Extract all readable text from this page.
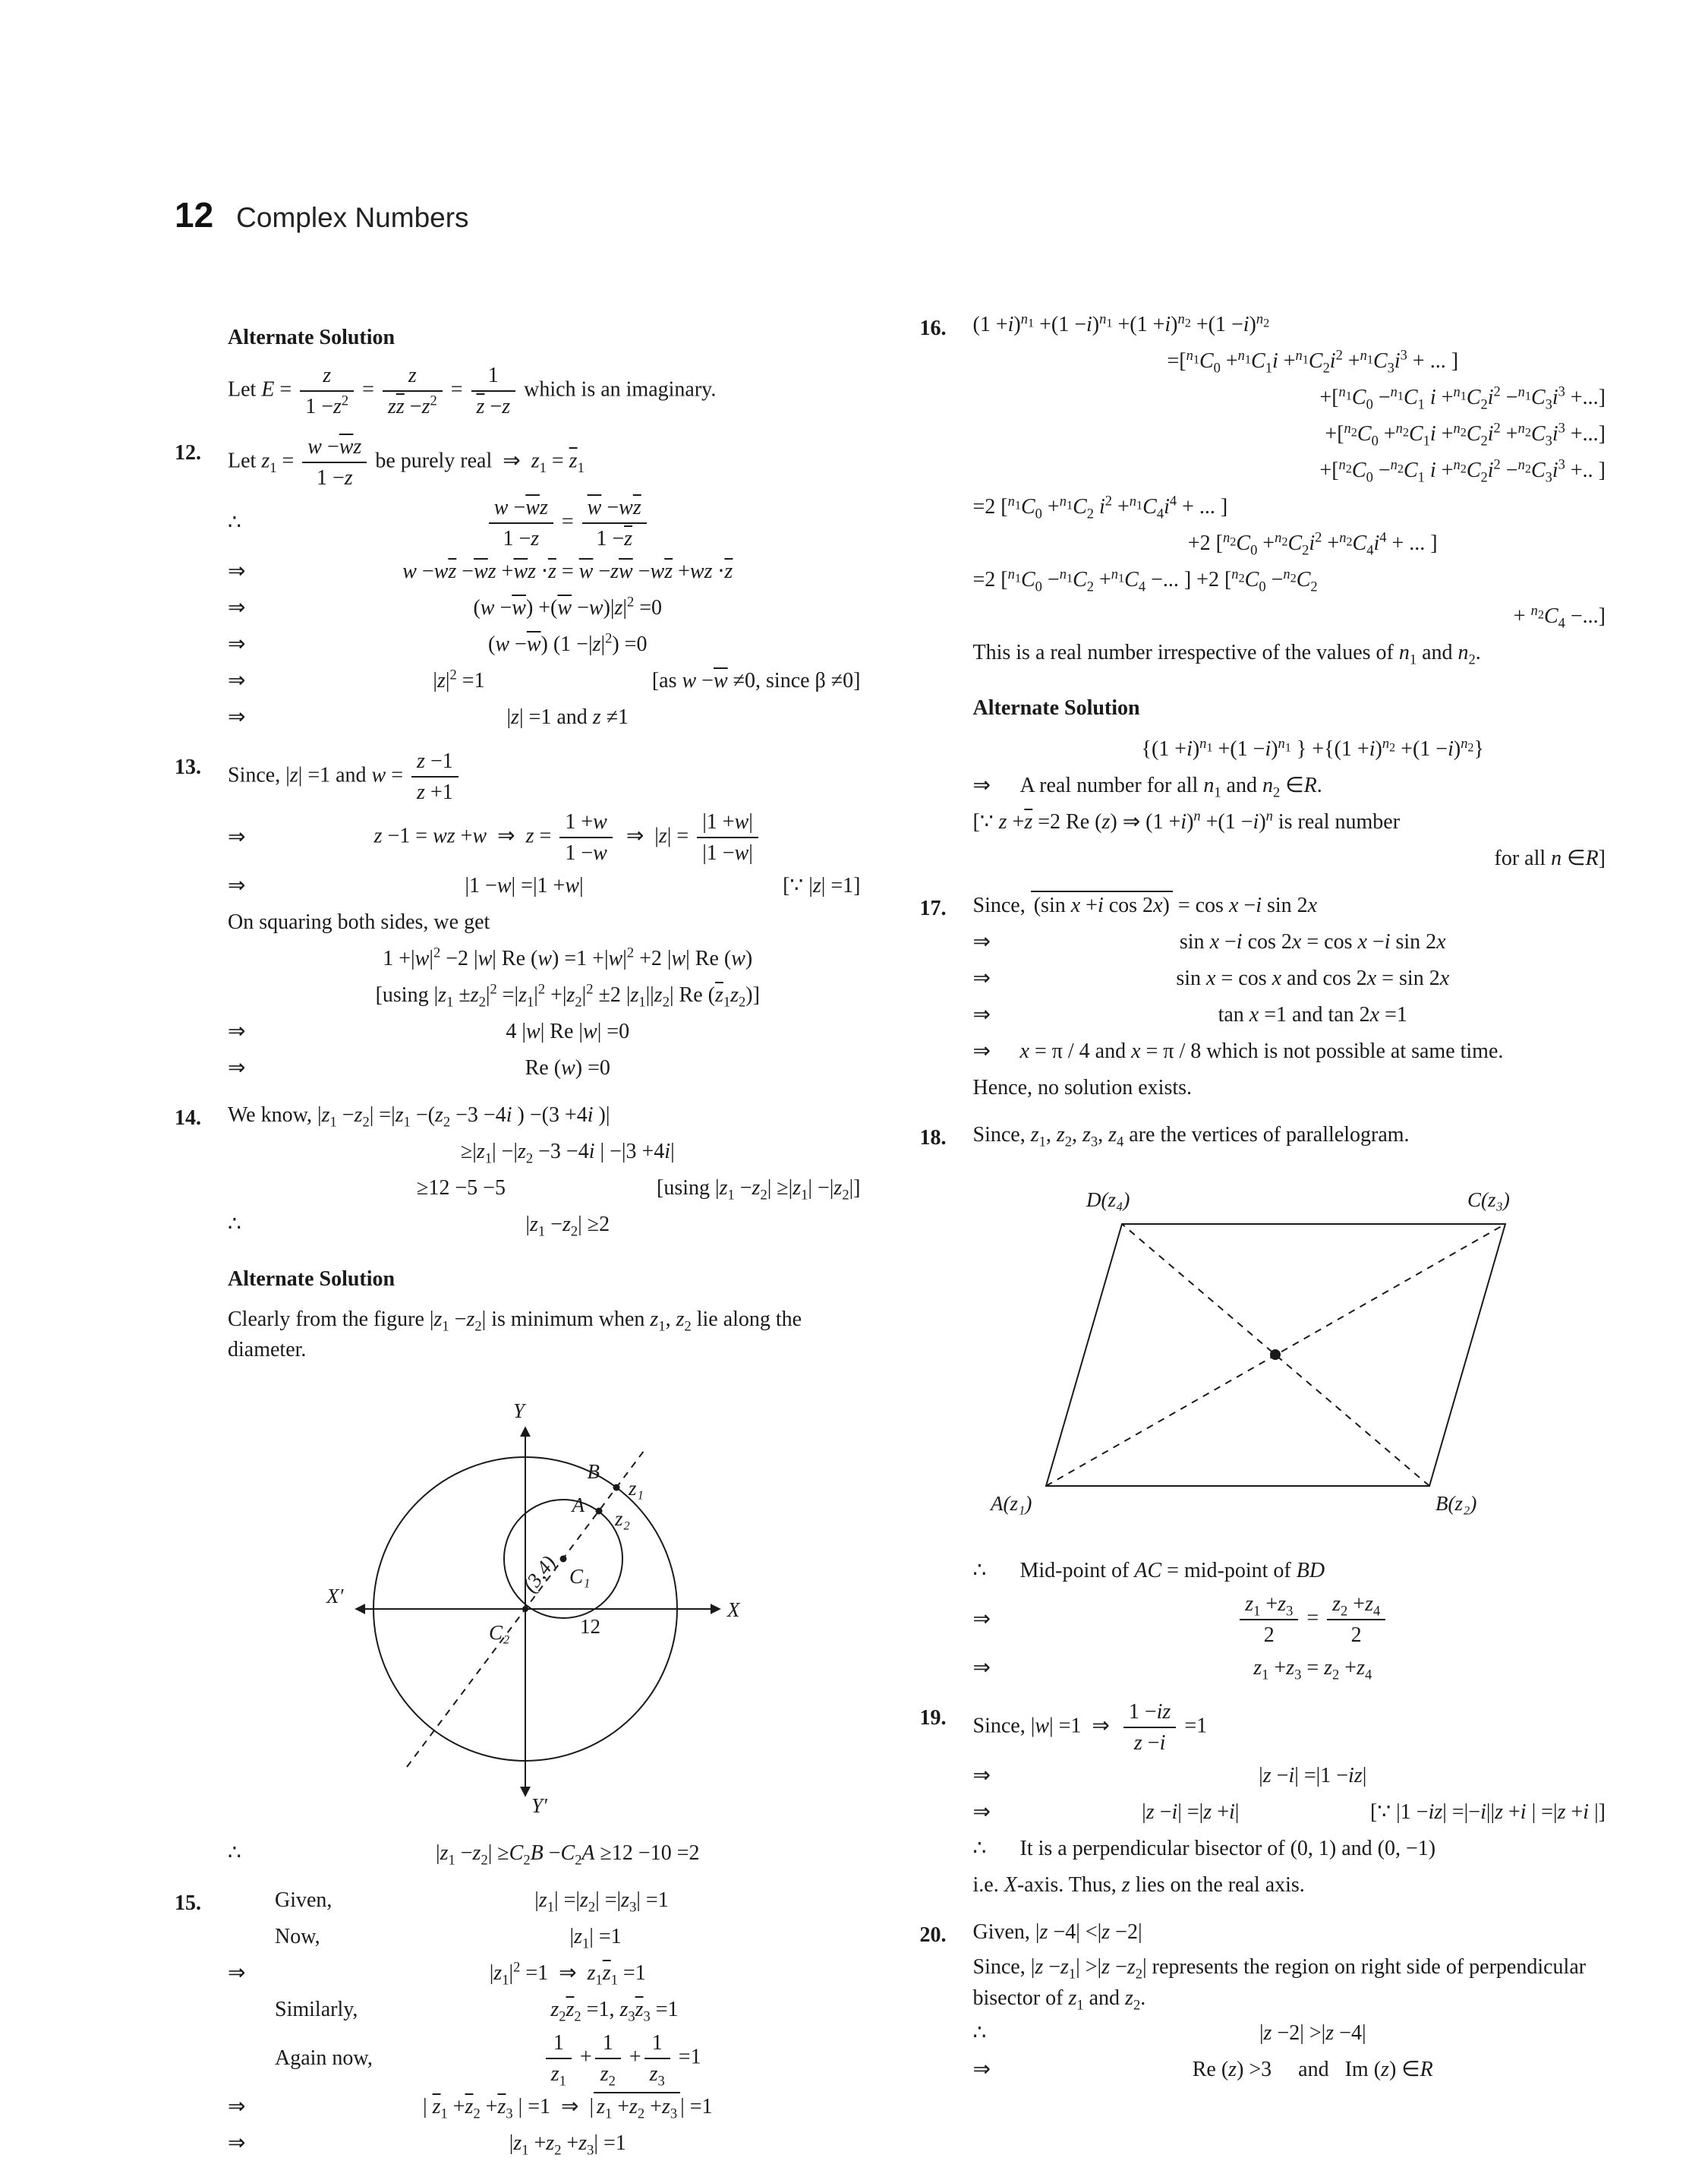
12 Complex Numbers
Alternate Solution
Let $E = \frac{z}{1 -z^2} = \frac{z}{z\overline{z} -z^2} = \frac{1}{\overline{z} -z}$ which is an imaginary.
12. Let $z_1 = \frac{w -\overline{w}z}{1 -z}$ be purely real  ⇒  $z_1 = \overline{z}_1$
∴	$\frac{w -\overline{w}z}{1 -z} = \frac{\overline{w} -w\overline{z}}{1 -\overline{z}}$
⇒	$w -w\overline{z} -\overline{w}z +\overline{w}z \cdot\overline{z} = \overline{w} -z\overline{w} -w\overline{z} +wz \cdot\overline{z}$
⇒	$(w -\overline{w}) +(\overline{w} -w)|z|^2 =0$
⇒	$(w -\overline{w})$ $(1 -|z|^2) =0$
⇒	$|z|^2 =1$	[as $w -\overline{w} \ne 0$, since β ≠0]
⇒	|z| =1 and z ≠1
13. Since, |z| =1 and $w = \frac{z -1}{z +1}$
⇒	z −1 = wz +w  ⇒  $z = \frac{1 +w}{1 -w}$ ⇒  $|z| = \frac{|1 +w|}{|1 -w|}$
⇒	|1 −w| =|1 +w|	[∵ |z| =1]
On squaring both sides, we get
$1 +|w|^2 -2$ |w| Re $(w) =1 +|w|^2 +2$ |w| Re (w)
[using $|z_1 \pm z_2|^2 =|z_1|^2 +|z_2|^2 \pm 2$ $|z_1||z_2|$ Re $(\overline{z}_1z_2)$]
⇒	4 |w| Re |w| =0
⇒	Re (w) =0
14. We know, $|z_1 -z_2| =|z_1 -(z_2 -3 -4i$ ) −(3 +4i )|
$\ge|z_1| -|z_2 -3 -4i$ | −|3 +4i|
≥12 −5 −5	[using $|z_1 -z_2| \ge|z_1| -|z_2|$]
∴	$|z_1 -z_2| \ge 2$
Alternate Solution
Clearly from the figure $|z_1 -z_2|$ is minimum when $z_1$, $z_2$ lie along the diameter.
B
A
z₁
z₂
C₁
C₂	12
(3,4)
Y
Y′
X′
X
∴	$|z_1 -z_2| \ge C_2B -C_2A \ge 12 -10 =2$
15.	Given,	$|z_1| =|z_2| =|z_3| =1$
Now,	$|z_1| =1$
⇒	$|z_1|^2 =1$  ⇒  $z_1\overline{z}_1 =1$
Similarly,	$z_2\overline{z}_2 =1$, $z_3\overline{z}_3 =1$
Again now,	$\frac{1}{z_1} + \frac{1}{z_2} + \frac{1}{z_3} =1$
⇒	| $\overline{z}_1 +\overline{z}_2 +\overline{z}_3$ | =1  ⇒  | $z_1 +z_2 +z_3$ | =1
⇒	$|z_1 +z_2 +z_3| =1$
16. $(1 +i)^{n_1} +(1 -i)^{n_1} +(1 +i)^{n_2} +(1 -i)^{n_2}$
$=[^{n_1}C_0 +^{n_1}C_1i +^{n_1}C_2i^2 +^{n_1}C_3i^3$ + ... ]
$+[^{n_1}C_0 -^{n_1}C_1$ $i +^{n_1}C_2i^2 -^{n_1}C_3i^3$ +...]
$+[^{n_2}C_0 +^{n_2}C_1i +^{n_2}C_2i^2 +^{n_2}C_3i^3$ +...]
$+[^{n_2}C_0 -^{n_2}C_1$ $i +^{n_2}C_2i^2 -^{n_2}C_3i^3$ +.. ]
=2 [$^{n_1}C_0 +^{n_1}C_2$ $i^2 +^{n_1}C_4i^4$ + ... ]
+2 [$^{n_2}C_0 +^{n_2}C_2i^2 +^{n_2}C_4i^4$ + ... ]
=2 [$^{n_1}C_0 -^{n_1}C_2 +^{n_1}C_4$ −... ] +2 [$^{n_2}C_0 -^{n_2}C_2$
+ $^{n_2}C_4$ −...]
This is a real number irrespective of the values of $n_1$ and $n_2$.
Alternate Solution
{$(1 +i)^{n_1} +(1 -i)^{n_1}$ } $+\{(1 +i)^{n_2} +(1 -i)^{n_2}\}$
⇒	A real number for all $n_1$ and $n_2$ ∈R.
[∵ $z +\overline{z} =2$ Re (z) ⇒ $(1 +i)^n +(1 -i)^n$ is real number
for all n ∈R]
17. Since, (sin x +i cos 2x) = cos x −i sin 2x
⇒	sin x −i cos 2x = cos x −i sin 2x
⇒	sin x = cos x and cos 2x = sin 2x
⇒	tan x =1 and tan 2x =1
⇒	x = π / 4 and x = π / 8 which is not possible at same time.
Hence, no solution exists.
18. Since, $z_1$, $z_2$, $z_3$, $z_4$ are the vertices of parallelogram.
D(z₄)	C(z₃)
A(z₁)	B(z₂)
∴	Mid-point of AC = mid-point of BD
⇒	$\frac{z_1 +z_3}{2} = \frac{z_2 +z_4}{2}$
⇒	$z_1 +z_3 = z_2 +z_4$
19. Since, |w| =1  ⇒ $\frac{1 -iz}{z -i} =1$
⇒	|z −i| =|1 −iz|
⇒	|z −i| =|z +i|	[∵ |1 −iz| =|−i||z +i | =|z +i |]
∴	It is a perpendicular bisector of (0, 1) and (0, −1)
i.e. X-axis. Thus, z lies on the real axis.
20. Given, |z −4| <|z −2|
Since, $|z -z_1| >|z -z_2|$ represents the region on right side of perpendicular bisector of $z_1$ and $z_2$.
∴	|z −2| >|z −4|
⇒	Re (z) >3  and  Im (z) ∈R
